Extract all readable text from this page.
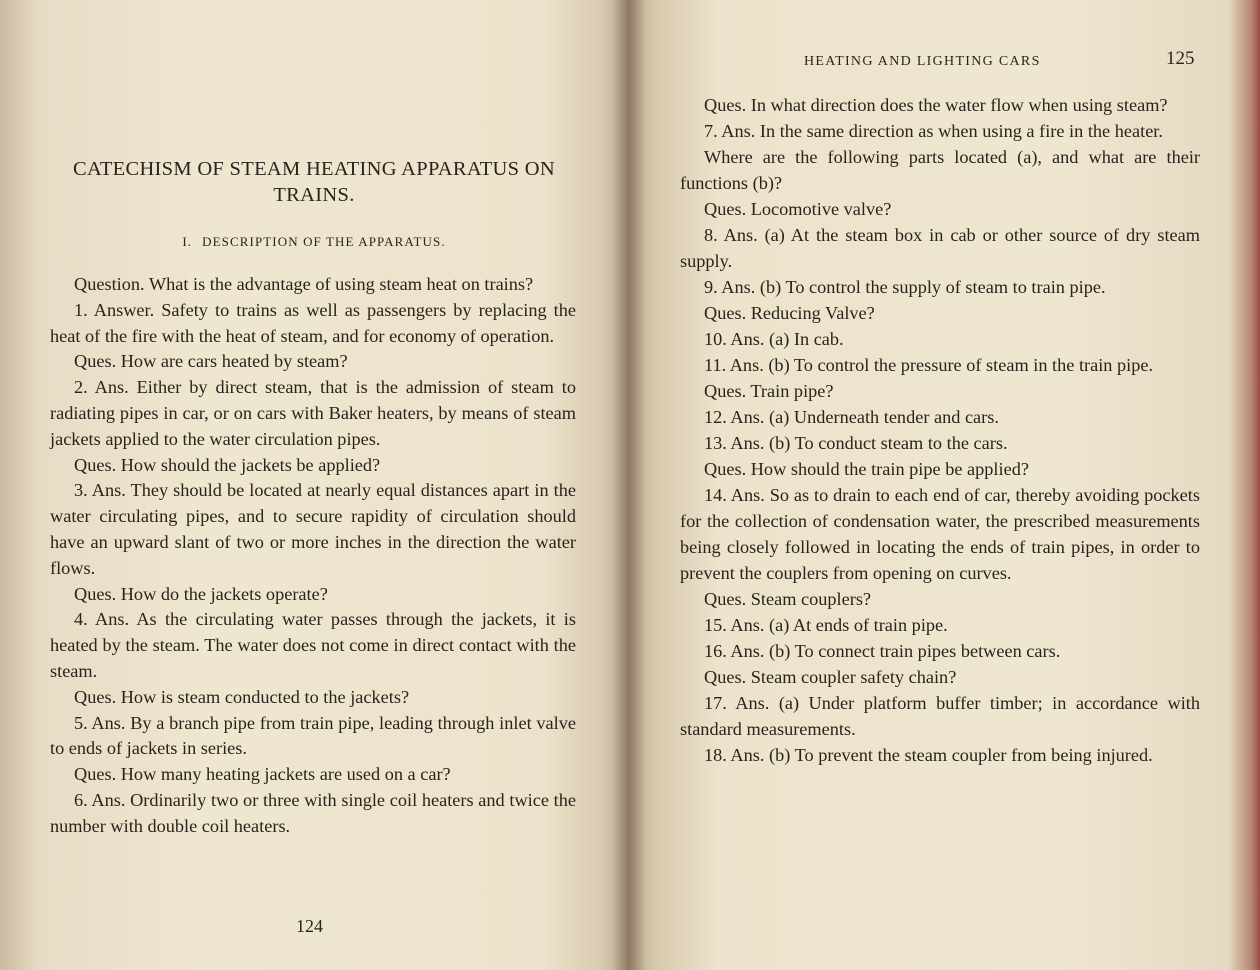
CATECHISM OF STEAM HEATING APPARATUS ON TRAINS.
I. DESCRIPTION OF THE APPARATUS.

Question. What is the advantage of using steam heat on trains?

1. Answer. Safety to trains as well as passengers by replacing the heat of the fire with the heat of steam, and for economy of operation.

Ques. How are cars heated by steam?

2. Ans. Either by direct steam, that is the admission of steam to radiating pipes in car, or on cars with Baker heaters, by means of steam jackets applied to the water circulation pipes.

Ques. How should the jackets be applied?

3. Ans. They should be located at nearly equal distances apart in the water circulating pipes, and to secure rapidity of circulation should have an upward slant of two or more inches in the direction the water flows.

Ques. How do the jackets operate?

4. Ans. As the circulating water passes through the jackets, it is heated by the steam. The water does not come in direct contact with the steam.

Ques. How is steam conducted to the jackets?

5. Ans. By a branch pipe from train pipe, leading through inlet valve to ends of jackets in series.

Ques. How many heating jackets are used on a car?

6. Ans. Ordinarily two or three with single coil heaters and twice the number with double coil heaters.

124
HEATING AND LIGHTING CARS	125

Ques. In what direction does the water flow when using steam?

7. Ans. In the same direction as when using a fire in the heater.

Where are the following parts located (a), and what are their functions (b)?

Ques. Locomotive valve?

8. Ans. (a) At the steam box in cab or other source of dry steam supply.

9. Ans. (b) To control the supply of steam to train pipe.

Ques. Reducing Valve?

10. Ans. (a) In cab.

11. Ans. (b) To control the pressure of steam in the train pipe.

Ques. Train pipe?

12. Ans. (a) Underneath tender and cars.

13. Ans. (b) To conduct steam to the cars.

Ques. How should the train pipe be applied?

14. Ans. So as to drain to each end of car, thereby avoiding pockets for the collection of condensation water, the prescribed measurements being closely followed in locating the ends of train pipes, in order to prevent the couplers from opening on curves.

Ques. Steam couplers?

15. Ans. (a) At ends of train pipe.

16. Ans. (b) To connect train pipes between cars.

Ques. Steam coupler safety chain?

17. Ans. (a) Under platform buffer timber; in accordance with standard measurements.

18. Ans. (b) To prevent the steam coupler from being injured.
